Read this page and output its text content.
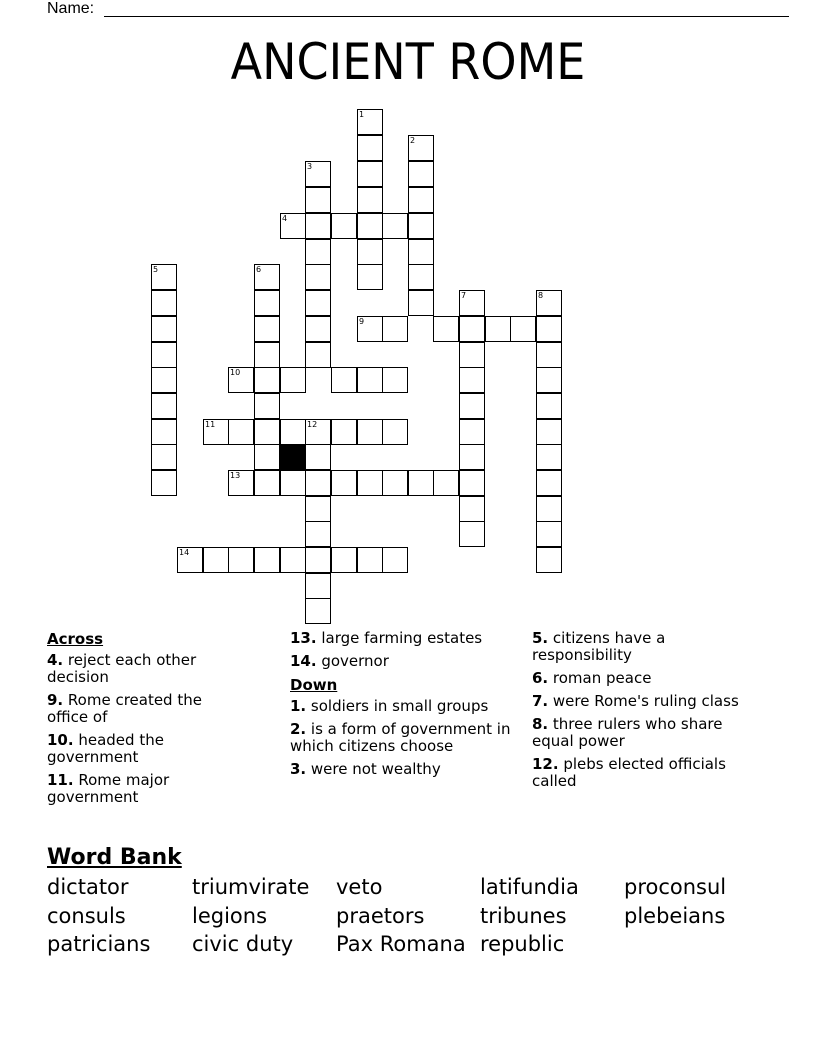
Name:
ANCIENT ROME
1
2
3
4
5	6
7	8
9
10
11	12
13
14
Across
4. reject each other decision
9. Rome created the office of
10. headed the government
11. Rome major government
13. large farming estates
14. governor
Down
1. soldiers in small groups
2. is a form of government in which citizens choose
3. were not wealthy
5. citizens have a responsibility
6. roman peace
7. were Rome's ruling class
8. three rulers who share equal power
12. plebs elected officials called
Word Bank
dictator	triumvirate veto	latifundia proconsul
consuls	legions	praetors	tribunes	plebeians
patricians civic duty Pax Romana republic
